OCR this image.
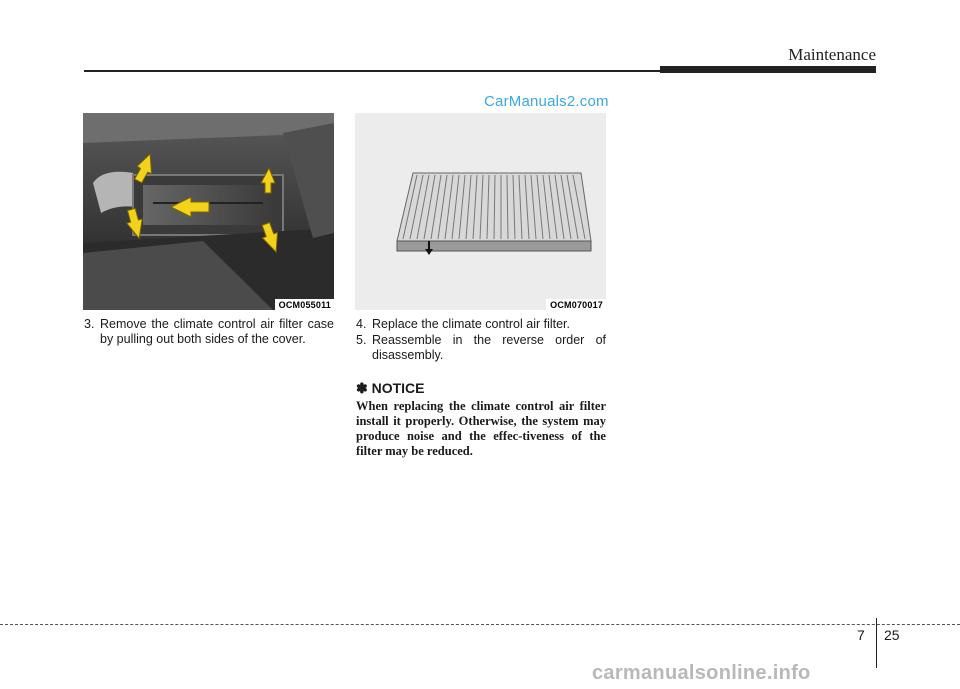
Maintenance
CarManuals2.com
OCM055011	OCM070017
3. Remove the climate control air filter case by pulling out both sides of the cover.
4. Replace the climate control air filter.
5. Reassemble in the reverse order of disassembly.
✽ NOTICE
When replacing the climate control air filter install it properly. Otherwise, the system may produce noise and the effec-tiveness of the filter may be reduced.
7 25
carmanualsonline.info
